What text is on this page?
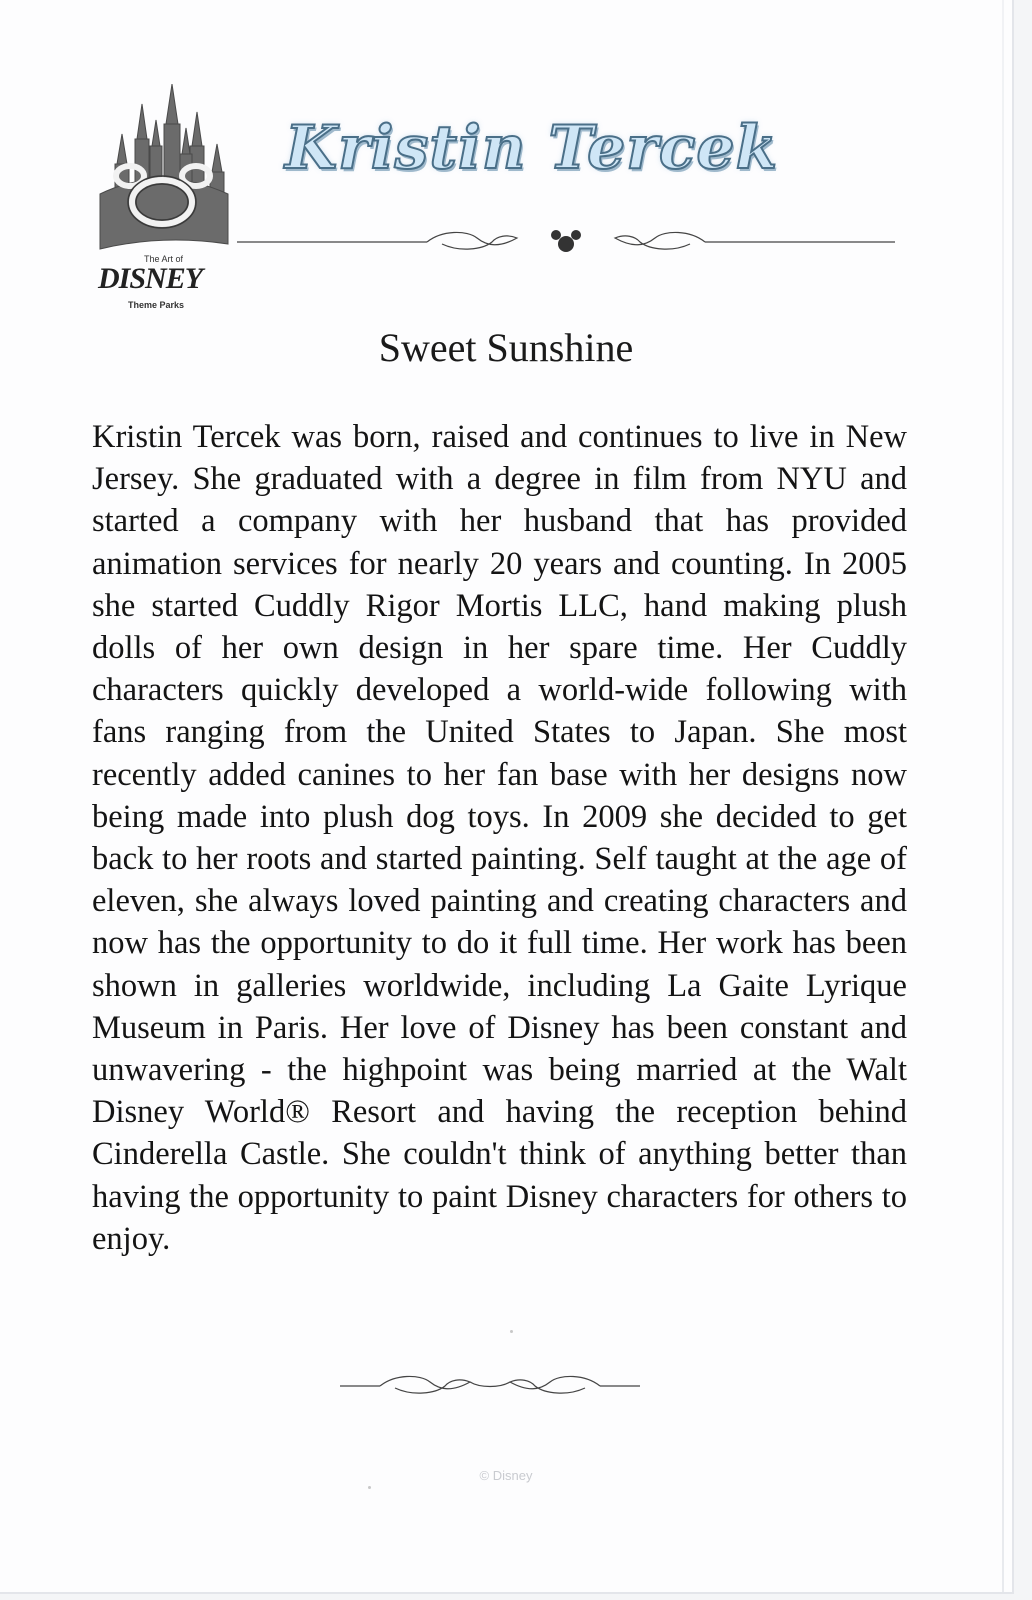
The Art of
DISNEY
Theme Parks
Kristin Tercek
Sweet Sunshine

Kristin Tercek was born, raised and continues to live in New Jersey. She graduated with a degree in film from NYU and started a company with her husband that has provided animation services for nearly 20 years and counting. In 2005 she started Cuddly Rigor Mortis LLC, hand making plush dolls of her own design in her spare time. Her Cuddly characters quickly developed a world-wide following with fans ranging from the United States to Japan. She most recently added canines to her fan base with her designs now being made into plush dog toys. In 2009 she decided to get back to her roots and started painting. Self taught at the age of eleven, she always loved painting and creating characters and now has the opportunity to do it full time. Her work has been shown in galleries worldwide, including La Gaite Lyrique Museum in Paris. Her love of Disney has been constant and unwavering - the highpoint was being married at the Walt Disney World® Resort and having the reception behind Cinderella Castle. She couldn't think of anything better than having the opportunity to paint Disney characters for others to enjoy.

© Disney
